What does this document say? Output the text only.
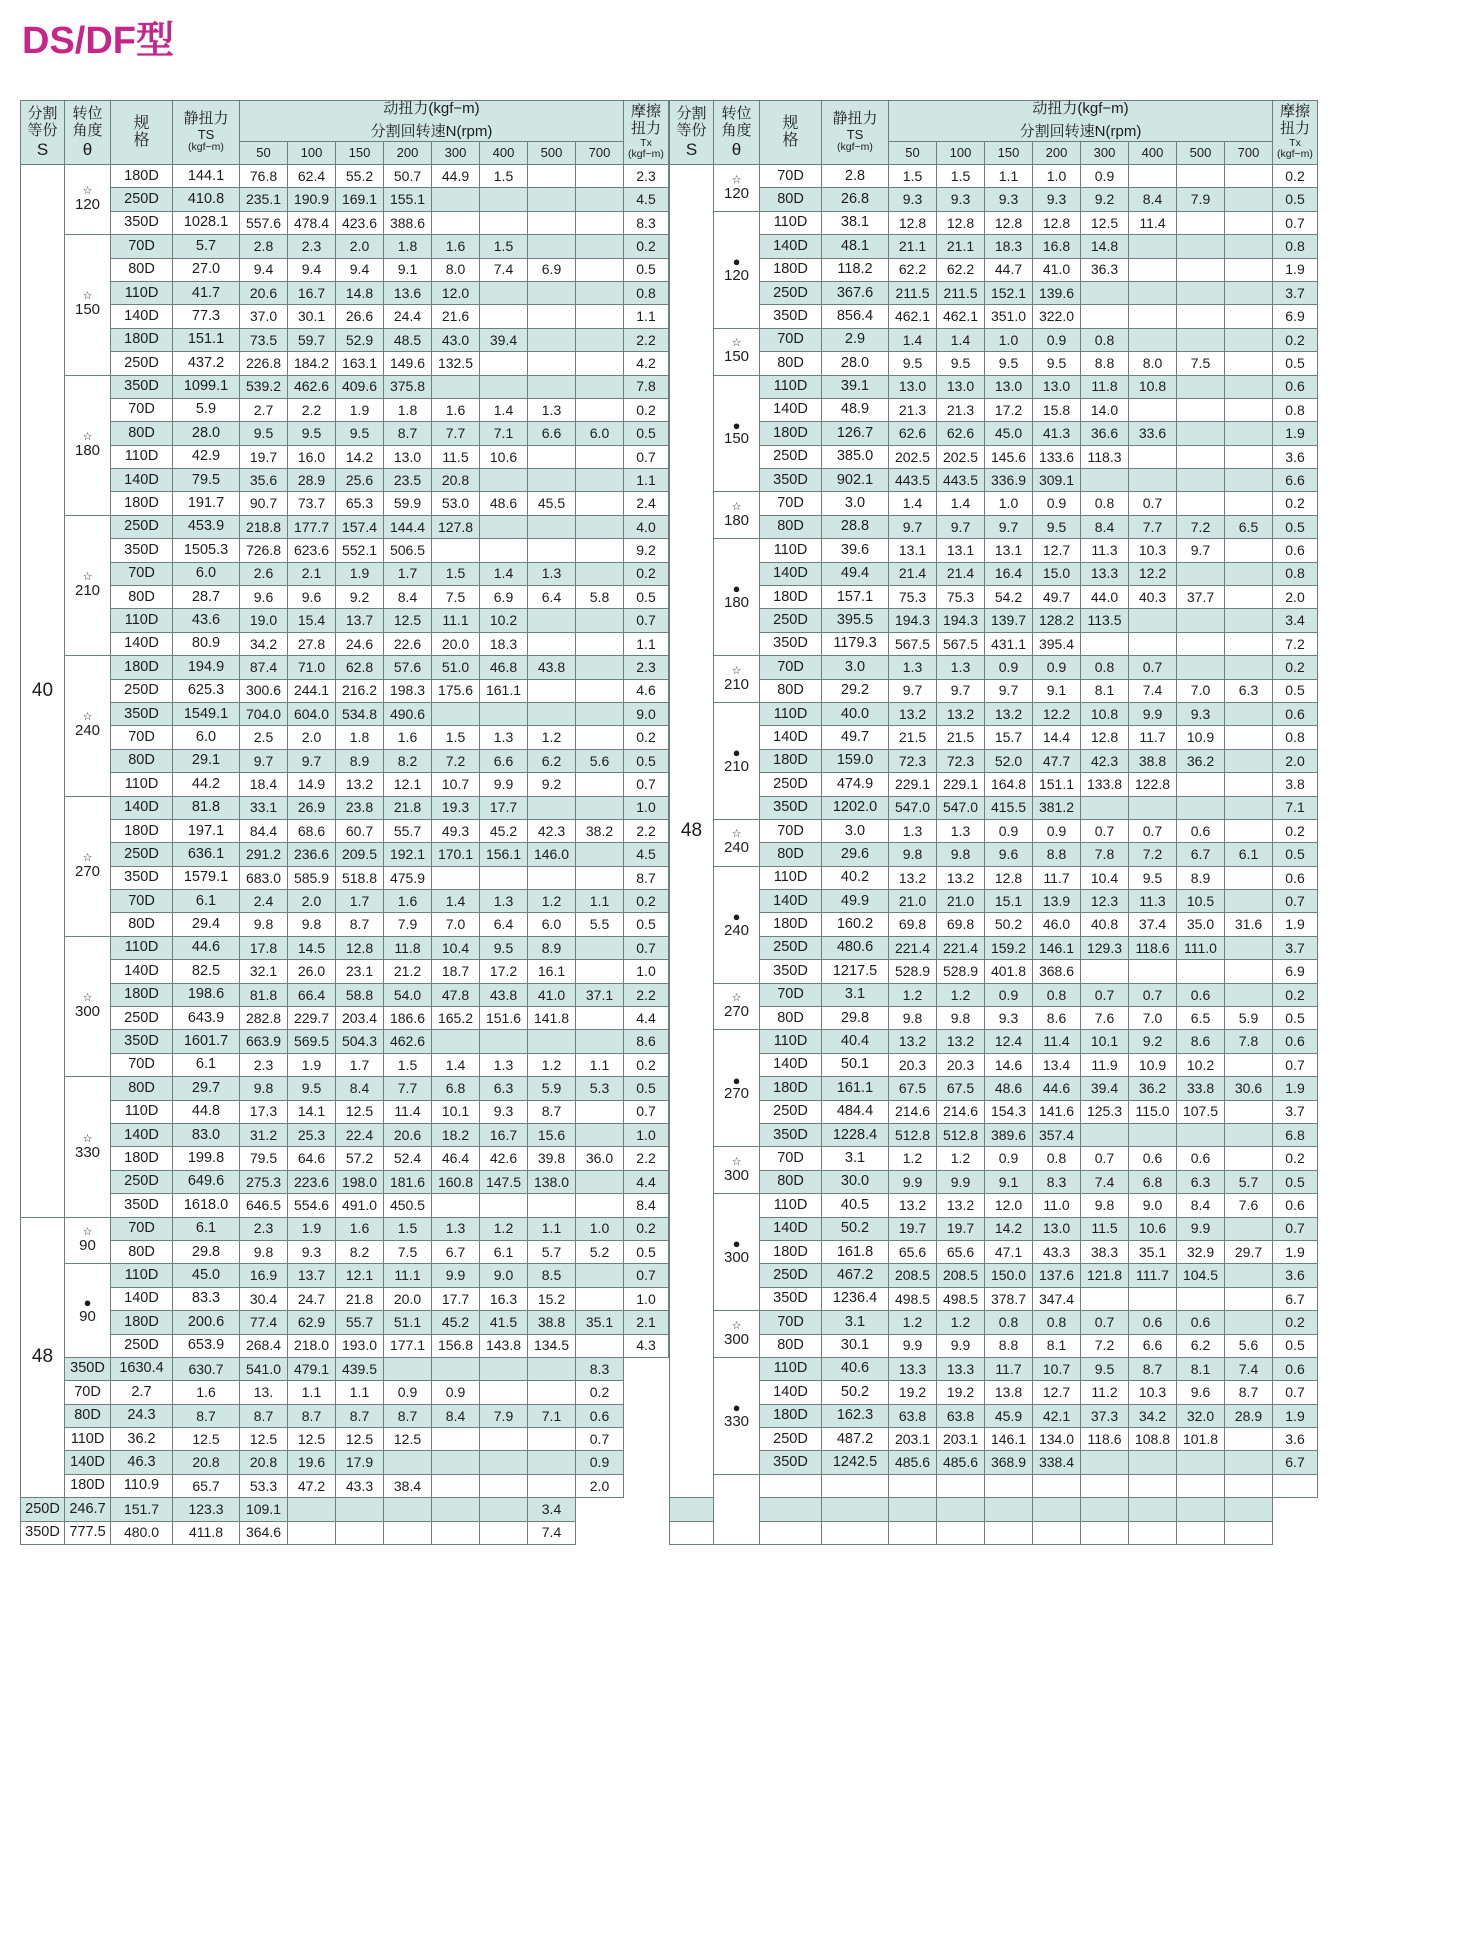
DS/DF型
分割
等份
S	转位
角度
θ	规
格	静扭力
TS
(kgf−m)	动扭力(kgf−m)
分割回转速N(rpm)								摩擦
扭力
Tx
(kgf−m)

				50	100	150	200	300	400	500	700	
40	☆
120	180D	144.1	76.8	62.4	55.2	50.7	44.9	1.5			2.3
		250D	410.8	235.1	190.9	169.1	155.1					4.5
		350D	1028.1	557.6	478.4	423.6	388.6					8.3

	☆
150	70D	5.7	2.8	2.3	2.0	1.8	1.6	1.5			0.2
		80D	27.0	9.4	9.4	9.4	9.1	8.0	7.4	6.9		0.5
		110D	41.7	20.6	16.7	14.8	13.6	12.0				0.8
		140D	77.3	37.0	30.1	26.6	24.4	21.6				1.1
		180D	151.1	73.5	59.7	52.9	48.5	43.0	39.4			2.2
		250D	437.2	226.8	184.2	163.1	149.6	132.5				4.2

	☆
180	350D	1099.1	539.2	462.6	409.6	375.8					7.8
		70D	5.9	2.7	2.2	1.9	1.8	1.6	1.4	1.3		0.2
		80D	28.0	9.5	9.5	9.5	8.7	7.7	7.1	6.6	6.0	0.5
		110D	42.9	19.7	16.0	14.2	13.0	11.5	10.6			0.7
		140D	79.5	35.6	28.9	25.6	23.5	20.8				1.1
		180D	191.7	90.7	73.7	65.3	59.9	53.0	48.6	45.5		2.4

	☆
210	250D	453.9	218.8	177.7	157.4	144.4	127.8				4.0
		350D	1505.3	726.8	623.6	552.1	506.5					9.2
		70D	6.0	2.6	2.1	1.9	1.7	1.5	1.4	1.3		0.2
		80D	28.7	9.6	9.6	9.2	8.4	7.5	6.9	6.4	5.8	0.5
		110D	43.6	19.0	15.4	13.7	12.5	11.1	10.2			0.7
		140D	80.9	34.2	27.8	24.6	22.6	20.0	18.3			1.1

	☆
240	180D	194.9	87.4	71.0	62.8	57.6	51.0	46.8	43.8		2.3
		250D	625.3	300.6	244.1	216.2	198.3	175.6	161.1			4.6
		350D	1549.1	704.0	604.0	534.8	490.6					9.0
		70D	6.0	2.5	2.0	1.8	1.6	1.5	1.3	1.2		0.2
		80D	29.1	9.7	9.7	8.9	8.2	7.2	6.6	6.2	5.6	0.5
		110D	44.2	18.4	14.9	13.2	12.1	10.7	9.9	9.2		0.7

	☆
270	140D	81.8	33.1	26.9	23.8	21.8	19.3	17.7			1.0
		180D	197.1	84.4	68.6	60.7	55.7	49.3	45.2	42.3	38.2	2.2
		250D	636.1	291.2	236.6	209.5	192.1	170.1	156.1	146.0		4.5
		350D	1579.1	683.0	585.9	518.8	475.9					8.7
		70D	6.1	2.4	2.0	1.7	1.6	1.4	1.3	1.2	1.1	0.2
		80D	29.4	9.8	9.8	8.7	7.9	7.0	6.4	6.0	5.5	0.5

	☆
300	110D	44.6	17.8	14.5	12.8	11.8	10.4	9.5	8.9		0.7
		140D	82.5	32.1	26.0	23.1	21.2	18.7	17.2	16.1		1.0
		180D	198.6	81.8	66.4	58.8	54.0	47.8	43.8	41.0	37.1	2.2
		250D	643.9	282.8	229.7	203.4	186.6	165.2	151.6	141.8		4.4
		350D	1601.7	663.9	569.5	504.3	462.6					8.6
		70D	6.1	2.3	1.9	1.7	1.5	1.4	1.3	1.2	1.1	0.2

	☆
330	80D	29.7	9.8	9.5	8.4	7.7	6.8	6.3	5.9	5.3	0.5
		110D	44.8	17.3	14.1	12.5	11.4	10.1	9.3	8.7		0.7
		140D	83.0	31.2	25.3	22.4	20.6	18.2	16.7	15.6		1.0
		180D	199.8	79.5	64.6	57.2	52.4	46.4	42.6	39.8	36.0	2.2
		250D	649.6	275.3	223.6	198.0	181.6	160.8	147.5	138.0		4.4
		350D	1618.0	646.5	554.6	491.0	450.5					8.4
48	☆
90	70D	6.1	2.3	1.9	1.6	1.5	1.3	1.2	1.1	1.0	0.2
		80D	29.8	9.8	9.3	8.2	7.5	6.7	6.1	5.7	5.2	0.5

	●
90	110D	45.0	16.9	13.7	12.1	11.1	9.9	9.0	8.5		0.7
		140D	83.3	30.4	24.7	21.8	20.0	17.7	16.3	15.2		1.0
		180D	200.6	77.4	62.9	55.7	51.1	45.2	41.5	38.8	35.1	2.1
		250D	653.9	268.4	218.0	193.0	177.1	156.8	143.8	134.5		4.3
	350D	1630.4	630.7	541.0	479.1	439.5					8.3	
	70D	2.7	1.6	13.	1.1	1.1	0.9	0.9			0.2	
	80D	24.3	8.7	8.7	8.7	8.7	8.7	8.4	7.9	7.1	0.6	
	110D	36.2	12.5	12.5	12.5	12.5	12.5				0.7	
	140D	46.3	20.8	20.8	19.6	17.9					0.9	
	180D	110.9	65.7	53.3	47.2	43.3	38.4				2.0	
250D	246.7	151.7	123.3	109.1						3.4		
350D	777.5	480.0	411.8	364.6						7.4		
分割
等份
S	转位
角度
θ	规
格	静扭力
TS
(kgf−m)	动扭力(kgf−m)
分割回转速N(rpm)								摩擦
扭力
Tx
(kgf−m)

				50	100	150	200	300	400	500	700	
48	☆
120	70D	2.8	1.5	1.5	1.1	1.0	0.9				0.2
		80D	26.8	9.3	9.3	9.3	9.3	9.2	8.4	7.9		0.5

	●
120	110D	38.1	12.8	12.8	12.8	12.8	12.5	11.4			0.7
		140D	48.1	21.1	21.1	18.3	16.8	14.8				0.8
		180D	118.2	62.2	62.2	44.7	41.0	36.3				1.9
		250D	367.6	211.5	211.5	152.1	139.6					3.7
		350D	856.4	462.1	462.1	351.0	322.0					6.9

	☆
150	70D	2.9	1.4	1.4	1.0	0.9	0.8				0.2
		80D	28.0	9.5	9.5	9.5	9.5	8.8	8.0	7.5		0.5

	●
150	110D	39.1	13.0	13.0	13.0	13.0	11.8	10.8			0.6
		140D	48.9	21.3	21.3	17.2	15.8	14.0				0.8
		180D	126.7	62.6	62.6	45.0	41.3	36.6	33.6			1.9
		250D	385.0	202.5	202.5	145.6	133.6	118.3				3.6
		350D	902.1	443.5	443.5	336.9	309.1					6.6

	☆
180	70D	3.0	1.4	1.4	1.0	0.9	0.8	0.7			0.2
		80D	28.8	9.7	9.7	9.7	9.5	8.4	7.7	7.2	6.5	0.5

	●
180	110D	39.6	13.1	13.1	13.1	12.7	11.3	10.3	9.7		0.6
		140D	49.4	21.4	21.4	16.4	15.0	13.3	12.2			0.8
		180D	157.1	75.3	75.3	54.2	49.7	44.0	40.3	37.7		2.0
		250D	395.5	194.3	194.3	139.7	128.2	113.5				3.4
		350D	1179.3	567.5	567.5	431.1	395.4					7.2

	☆
210	70D	3.0	1.3	1.3	0.9	0.9	0.8	0.7			0.2
		80D	29.2	9.7	9.7	9.7	9.1	8.1	7.4	7.0	6.3	0.5

	●
210	110D	40.0	13.2	13.2	13.2	12.2	10.8	9.9	9.3		0.6
		140D	49.7	21.5	21.5	15.7	14.4	12.8	11.7	10.9		0.8
		180D	159.0	72.3	72.3	52.0	47.7	42.3	38.8	36.2		2.0
		250D	474.9	229.1	229.1	164.8	151.1	133.8	122.8			3.8
		350D	1202.0	547.0	547.0	415.5	381.2					7.1

	☆
240	70D	3.0	1.3	1.3	0.9	0.9	0.7	0.7	0.6		0.2
		80D	29.6	9.8	9.8	9.6	8.8	7.8	7.2	6.7	6.1	0.5

	●
240	110D	40.2	13.2	13.2	12.8	11.7	10.4	9.5	8.9		0.6
		140D	49.9	21.0	21.0	15.1	13.9	12.3	11.3	10.5		0.7
		180D	160.2	69.8	69.8	50.2	46.0	40.8	37.4	35.0	31.6	1.9
		250D	480.6	221.4	221.4	159.2	146.1	129.3	118.6	111.0		3.7
		350D	1217.5	528.9	528.9	401.8	368.6					6.9

	☆
270	70D	3.1	1.2	1.2	0.9	0.8	0.7	0.7	0.6		0.2
		80D	29.8	9.8	9.8	9.3	8.6	7.6	7.0	6.5	5.9	0.5

	●
270	110D	40.4	13.2	13.2	12.4	11.4	10.1	9.2	8.6	7.8	0.6
		140D	50.1	20.3	20.3	14.6	13.4	11.9	10.9	10.2		0.7
		180D	161.1	67.5	67.5	48.6	44.6	39.4	36.2	33.8	30.6	1.9
		250D	484.4	214.6	214.6	154.3	141.6	125.3	115.0	107.5		3.7
		350D	1228.4	512.8	512.8	389.6	357.4					6.8

	☆
300	70D	3.1	1.2	1.2	0.9	0.8	0.7	0.6	0.6		0.2
		80D	30.0	9.9	9.9	9.1	8.3	7.4	6.8	6.3	5.7	0.5

	●
300	110D	40.5	13.2	13.2	12.0	11.0	9.8	9.0	8.4	7.6	0.6
		140D	50.2	19.7	19.7	14.2	13.0	11.5	10.6	9.9		0.7
		180D	161.8	65.6	65.6	47.1	43.3	38.3	35.1	32.9	29.7	1.9
		250D	467.2	208.5	208.5	150.0	137.6	121.8	111.7	104.5		3.6
		350D	1236.4	498.5	498.5	378.7	347.4					6.7

	☆
300	70D	3.1	1.2	1.2	0.8	0.8	0.7	0.6	0.6		0.2
		80D	30.1	9.9	9.9	8.8	8.1	7.2	6.6	6.2	5.6	0.5

	●
330	110D	40.6	13.3	13.3	11.7	10.7	9.5	8.7	8.1	7.4	0.6
		140D	50.2	19.2	19.2	13.8	12.7	11.2	10.3	9.6	8.7	0.7
		180D	162.3	63.8	63.8	45.9	42.1	37.3	34.2	32.0	28.9	1.9
		250D	487.2	203.1	203.1	146.1	134.0	118.6	108.8	101.8		3.6
		350D	1242.5	485.6	485.6	368.9	338.4					6.7
